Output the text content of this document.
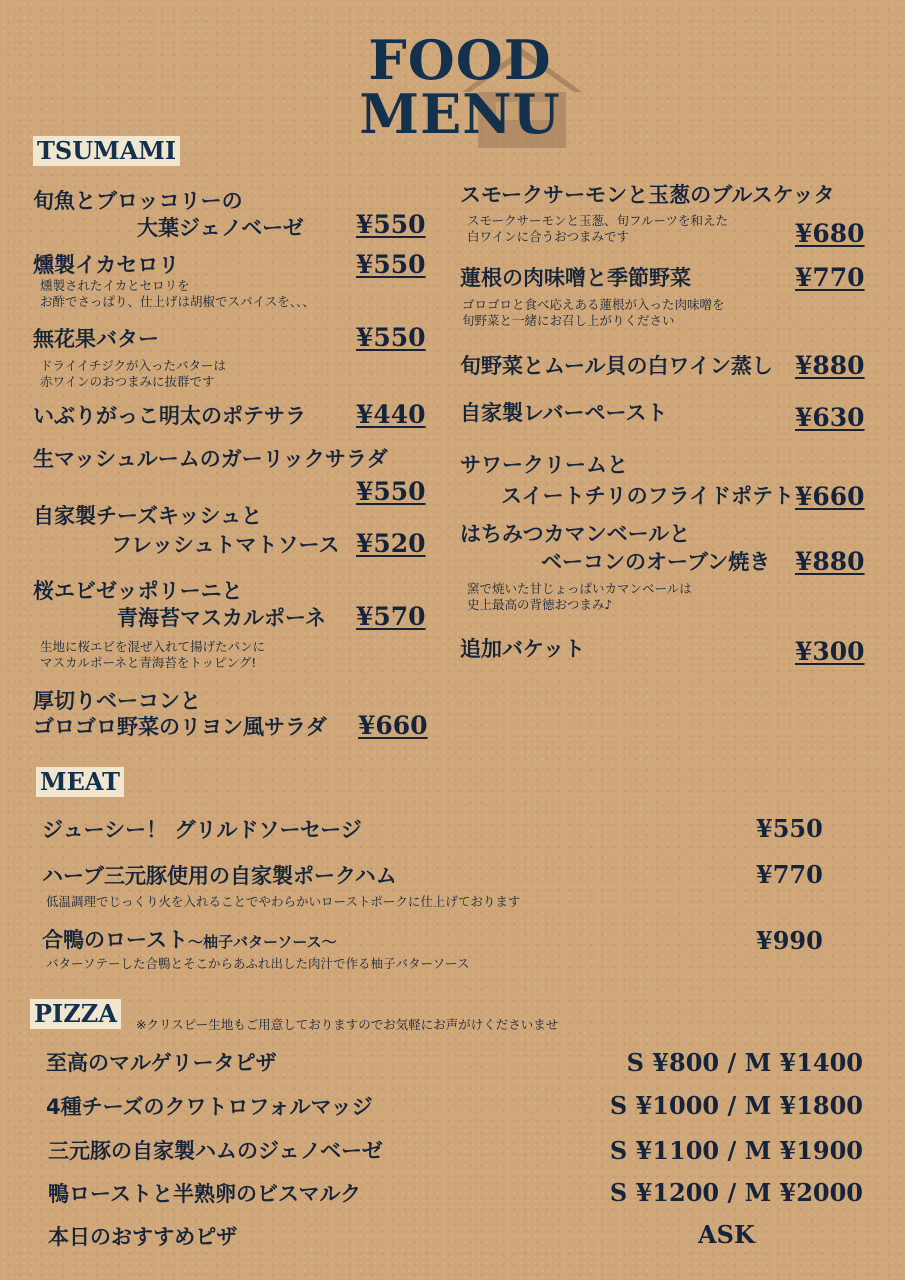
FOOD
MENU
TSUMAMI
旬魚とブロッコリーの
大葉ジェノベーゼ ¥550
燻製イカセロリ	¥550
燻製されたイカとセロリを
お酢でさっぱり、仕上げは胡椒でスパイスを、、、
無花果バター	¥550
ドライイチジクが入ったバターは
赤ワインのおつまみに抜群です
いぶりがっこ明太のポテサラ ¥440
生マッシュルームのガーリックサラダ
¥550
自家製チーズキッシュと
フレッシュトマトソース ¥520
桜エビゼッポリーニと
青海苔マスカルポーネ ¥570
生地に桜エビを混ぜ入れて揚げたパンに
マスカルポーネと青海苔をトッピング!
厚切りベーコンと
ゴロゴロ野菜のリヨン風サラダ ¥660
スモークサーモンと玉葱のブルスケッタ
スモークサーモンと玉葱、旬フルーツを和えた
白ワインに合うおつまみです	¥680
蓮根の肉味噌と季節野菜	¥770
ゴロゴロと食べ応えある蓮根が入った肉味噌を
旬野菜と一緒にお召し上がりください
旬野菜とムール貝の白ワイン蒸し ¥880
自家製レバーペースト	¥630
サワークリームと
スイートチリのフライドポテト ¥660
はちみつカマンベールと
ベーコンのオーブン焼き ¥880
窯で焼いた甘じょっぱいカマンベールは
史上最高の背徳おつまみ♪
追加バケット	¥300
MEAT
ジューシー！ グリルドソーセージ	¥550
ハーブ三元豚使用の自家製ポークハム	¥770
低温調理でじっくり火を入れることでやわらかいローストポークに仕上げております
合鴨のロースト〜柚子バターソース〜	¥990
バターソテーした合鴨とそこからあふれ出した肉汁で作る柚子バターソース
PIZZA	※クリスピー生地もご用意しておりますのでお気軽にお声がけくださいませ
至高のマルゲリータピザ	S ¥800 / M ¥1400
4種チーズのクワトロフォルマッジ	S ¥1000 / M ¥1800
三元豚の自家製ハムのジェノベーゼ	S ¥1100 / M ¥1900
鴨ローストと半熟卵のビスマルク	S ¥1200 / M ¥2000
本日のおすすめピザ	ASK
